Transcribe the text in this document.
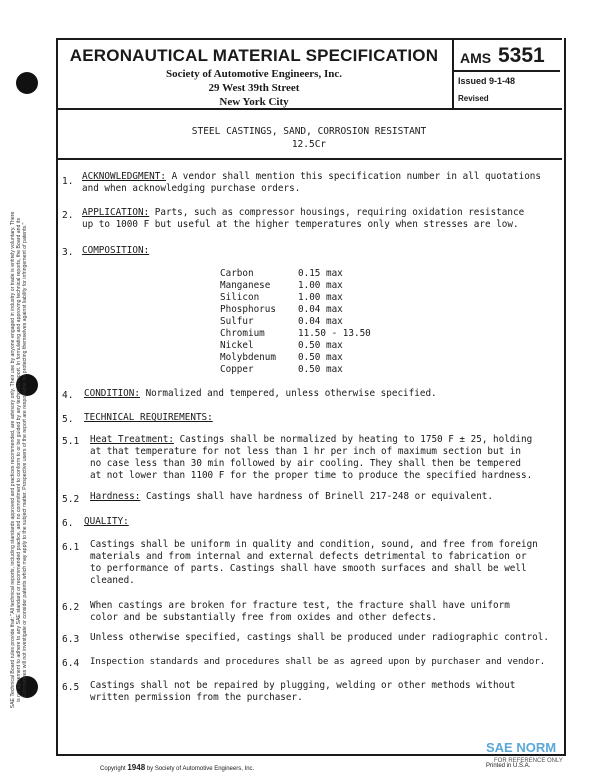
SAE Technical Board rules provide that: "All technical reports, including standards approved and practices recommended, are advisory only. Their use by anyone engaged in industry or trade is entirely voluntary. There is no agreement to adhere to any SAE standard or recommended practice, and no commitment to conform to or be guided by any technical report. In formulating and approving technical reports, the Board and its Committees will not investigate or consider patents which may apply to the subject matter. Prospective users of the report are responsible for protecting themselves against liability for infringement of patents."
AERONAUTICAL MATERIAL SPECIFICATION
Society of Automotive Engineers, Inc.
29 West 39th Street
New York City
AMS 5351
Issued 9-1-48
Revised
STEEL CASTINGS, SAND, CORROSION RESISTANT
12.5Cr
1. ACKNOWLEDGMENT: A vendor shall mention this specification number in all quotations
and when acknowledging purchase orders.
2. APPLICATION: Parts, such as compressor housings, requiring oxidation resistance
up to 1000 F but useful at the higher temperatures only when stresses are low.
3. COMPOSITION:
Carbon	0.15 max
Manganese	1.00 max
Silicon	1.00 max
Phosphorus	0.04 max
Sulfur	0.04 max
Chromium	11.50 - 13.50
Nickel	0.50 max
Molybdenum	0.50 max
Copper	0.50 max
4. CONDITION: Normalized and tempered, unless otherwise specified.
5. TECHNICAL REQUIREMENTS:
5.1 Heat Treatment: Castings shall be normalized by heating to 1750 F ± 25, holding
at that temperature for not less than 1 hr per inch of maximum section but in
no case less than 30 min followed by air cooling. They shall then be tempered
at not lower than 1100 F for the proper time to produce the specified hardness.
5.2 Hardness: Castings shall have hardness of Brinell 217-248 or equivalent.
6. QUALITY:
6.1 Castings shall be uniform in quality and condition, sound, and free from foreign
materials and from internal and external defects detrimental to fabrication or
to performance of parts. Castings shall have smooth surfaces and shall be well
cleaned.
6.2 When castings are broken for fracture test, the fracture shall have uniform
color and be substantially free from oxides and other defects.
6.3 Unless otherwise specified, castings shall be produced under radiographic control.
6.4 Inspection standards and procedures shall be as agreed upon by purchaser and vendor.
6.5 Castings shall not be repaired by plugging, welding or other methods without
written permission from the purchaser.
Copyright 1948 by Society of Automotive Engineers, Inc.	Printed in U.S.A.
SAE NORM
FOR REFERENCE ONLY
